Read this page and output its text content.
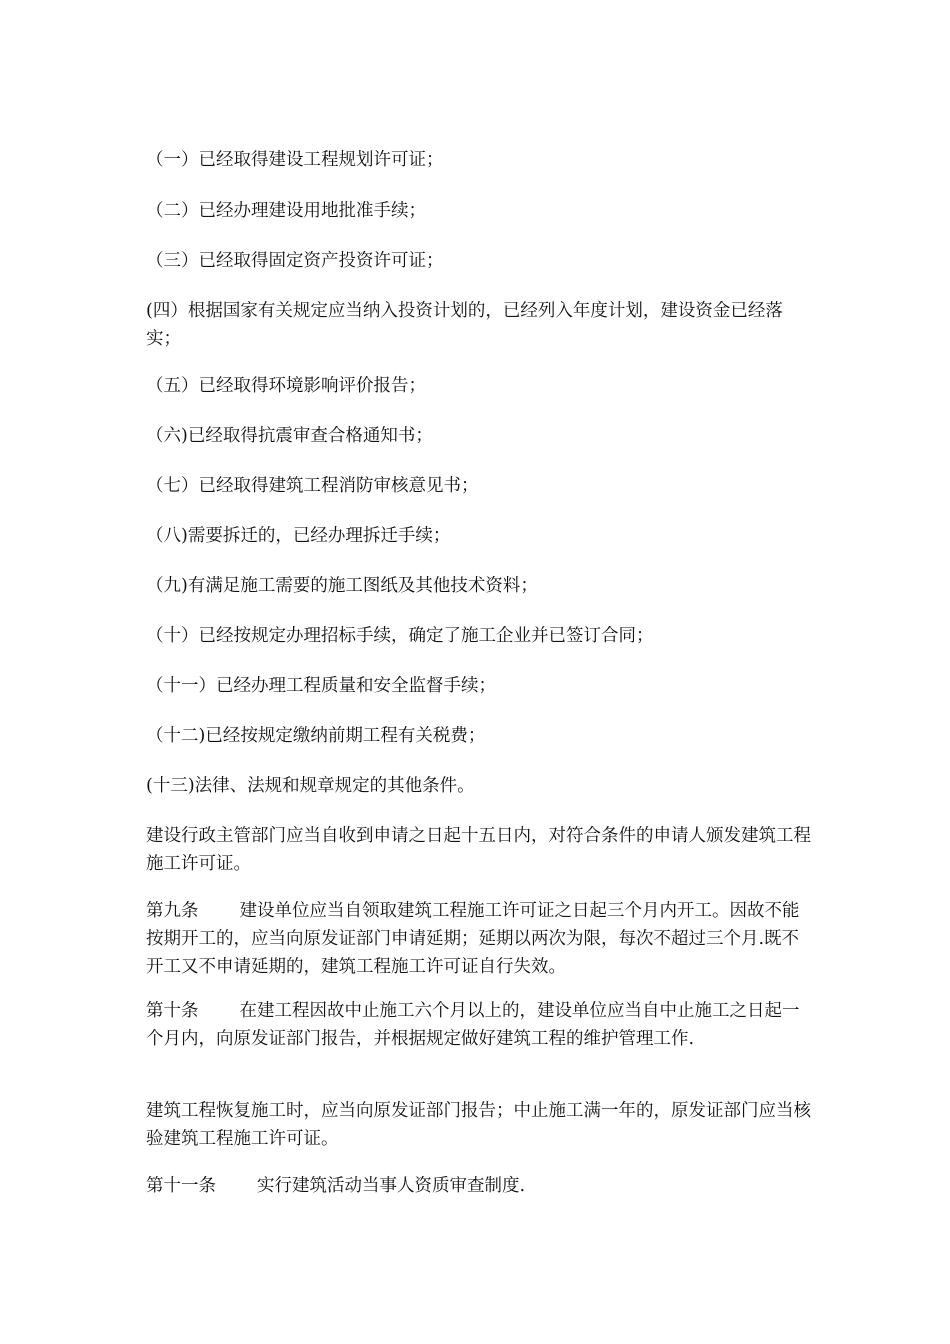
（一）已经取得建设工程规划许可证；

（二）已经办理建设用地批准手续；

（三）已经取得固定资产投资许可证；

(四）根据国家有关规定应当纳入投资计划的，已经列入年度计划，建设资金已经落实；

（五）已经取得环境影响评价报告；

（六)已经取得抗震审查合格通知书；

（七）已经取得建筑工程消防审核意见书；

（八)需要拆迁的，已经办理拆迁手续；

（九)有满足施工需要的施工图纸及其他技术资料；

（十）已经按规定办理招标手续，确定了施工企业并已签订合同；

（十一）已经办理工程质量和安全监督手续；

（十二)已经按规定缴纳前期工程有关税费；

(十三)法律、法规和规章规定的其他条件。

建设行政主管部门应当自收到申请之日起十五日内，对符合条件的申请人颁发建筑工程施工许可证。

第九条 建设单位应当自领取建筑工程施工许可证之日起三个月内开工。因故不能按期开工的，应当向原发证部门申请延期；延期以两次为限，每次不超过三个月.既不开工又不申请延期的，建筑工程施工许可证自行失效。

第十条 在建工程因故中止施工六个月以上的，建设单位应当自中止施工之日起一个月内，向原发证部门报告，并根据规定做好建筑工程的维护管理工作.

建筑工程恢复施工时，应当向原发证部门报告；中止施工满一年的，原发证部门应当核验建筑工程施工许可证。

第十一条 实行建筑活动当事人资质审查制度.
